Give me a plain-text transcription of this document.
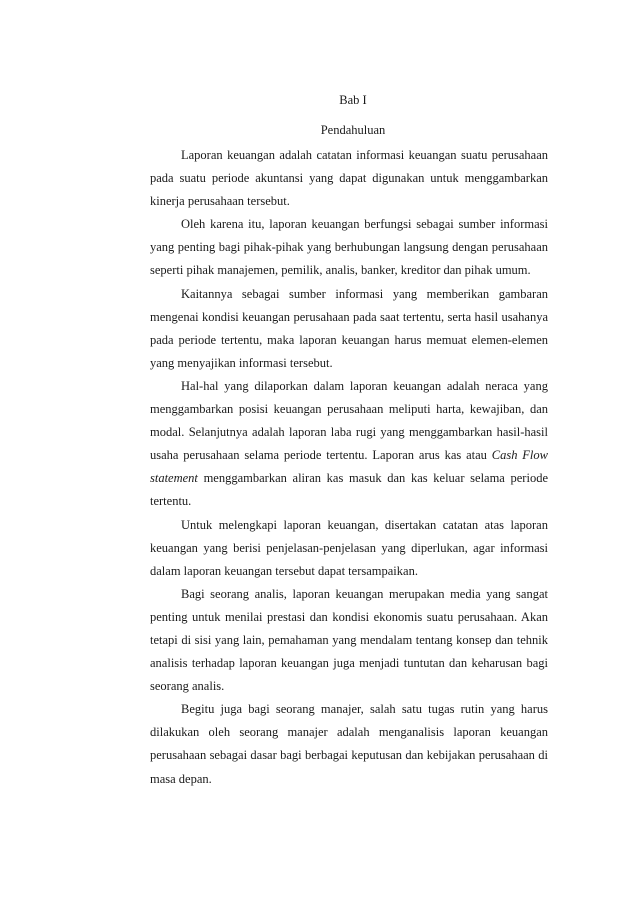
Bab I
Pendahuluan

Laporan keuangan adalah catatan informasi keuangan suatu perusahaan pada suatu periode akuntansi yang dapat digunakan untuk menggambarkan kinerja perusahaan tersebut.

Oleh karena itu, laporan keuangan berfungsi sebagai sumber informasi yang penting bagi pihak-pihak yang berhubungan langsung dengan perusahaan seperti pihak manajemen, pemilik, analis, banker, kreditor dan pihak umum.

Kaitannya sebagai sumber informasi yang memberikan gambaran mengenai kondisi keuangan perusahaan pada saat tertentu, serta hasil usahanya pada periode tertentu, maka laporan keuangan harus memuat elemen-elemen yang menyajikan informasi tersebut.

Hal-hal yang dilaporkan dalam laporan keuangan adalah neraca yang menggambarkan posisi keuangan perusahaan meliputi harta, kewajiban, dan modal. Selanjutnya adalah laporan laba rugi yang menggambarkan hasil-hasil usaha perusahaan selama periode tertentu. Laporan arus kas atau Cash Flow statement menggambarkan aliran kas masuk dan kas keluar selama periode tertentu.

Untuk melengkapi laporan keuangan, disertakan catatan atas laporan keuangan yang berisi penjelasan-penjelasan yang diperlukan, agar informasi dalam laporan keuangan tersebut dapat tersampaikan.

Bagi seorang analis, laporan keuangan merupakan media yang sangat penting untuk menilai prestasi dan kondisi ekonomis suatu perusahaan. Akan tetapi di sisi yang lain, pemahaman yang mendalam tentang konsep dan tehnik analisis terhadap laporan keuangan juga menjadi tuntutan dan keharusan bagi seorang analis.

Begitu juga bagi seorang manajer, salah satu tugas rutin yang harus dilakukan oleh seorang manajer adalah menganalisis laporan keuangan perusahaan sebagai dasar bagi berbagai keputusan dan kebijakan perusahaan di masa depan.
